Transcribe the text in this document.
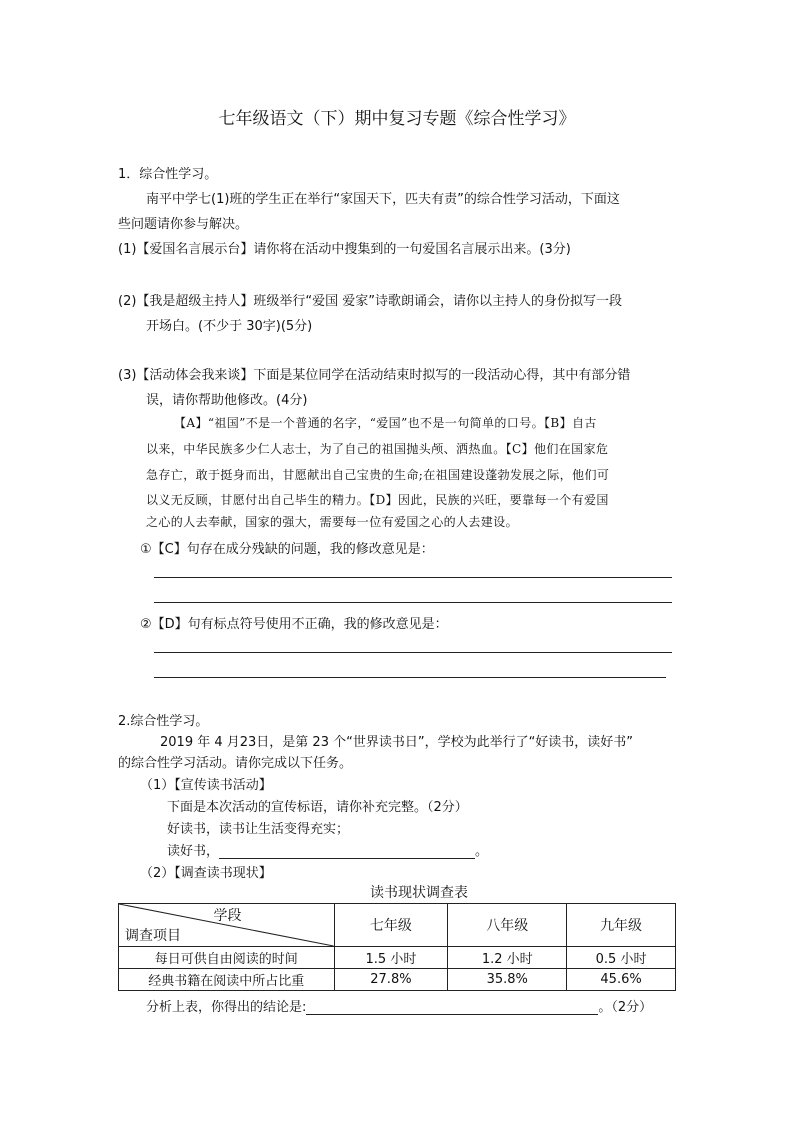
七年级语文（下）期中复习专题《综合性学习》
1．综合性学习。
南平中学七(1)班的学生正在举行“家国天下，匹夫有责”的综合性学习活动，下面这
些问题请你参与解决。
(1)【爱国名言展示台】请你将在活动中搜集到的一句爱国名言展示出来。(3分)
(2)【我是超级主持人】班级举行“爱国 爱家”诗歌朗诵会，请你以主持人的身份拟写一段
开场白。(不少于 30字)(5分)
(3)【活动体会我来谈】下面是某位同学在活动结束时拟写的一段活动心得，其中有部分错
误，请你帮助他修改。(4分)
【A】“祖国”不是一个普通的名字，“爱国”也不是一句简单的口号。【B】自古
以来，中华民族多少仁人志士，为了自己的祖国抛头颅、洒热血。【C】他们在国家危
急存亡，敢于挺身而出，甘愿献出自己宝贵的生命;在祖国建设蓬勃发展之际，他们可
以义无反顾，甘愿付出自己毕生的精力。【D】因此，民族的兴旺，要靠每一个有爱国
之心的人去奉献，国家的强大，需要每一位有爱国之心的人去建设。
①【C】句存在成分残缺的问题，我的修改意见是：
②【D】句有标点符号使用不正确，我的修改意见是：
2.综合性学习。
2019 年 4 月23日，是第 23 个“世界读书日”，学校为此举行了“好读书，读好书”
的综合性学习活动。请你完成以下任务。
（1）【宣传读书活动】
下面是本次活动的宣传标语，请你补充完整。（2分）
好读书，读书让生活变得充实；
读好书，	。
（2）【调查读书现状】
读书现状调查表
学段
调查项目	七年级	八年级	九年级
每日可供自由阅读的时间	1.5 小时	1.2 小时	0.5 小时
经典书籍在阅读中所占比重	27.8%	35.8%	45.6%
分析上表，你得出的结论是:	。（2分）
